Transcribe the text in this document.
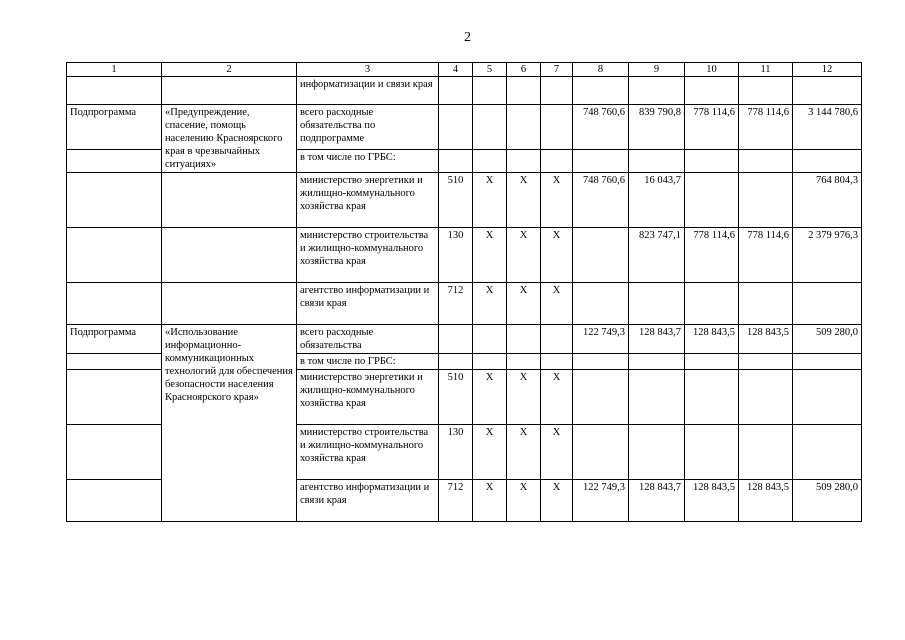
2
1	2	3	4	5	6	7	8	9	10	11	12
		информатизации и связи края									
Подпрограмма	«Предупреждение, спасение, помощь населению Красноярского края в чрезвычайных ситуациях»	всего расходные обязательства по подпрограмме					748 760,6	839 790,8	778 114,6	778 114,6	3 144 780,6
		в том числе по ГРБС:									
		министерство энергетики и жилищно-коммунального хозяйства края	510	Х	Х	Х	748 760,6	16 043,7			764 804,3
		министерство строительства и жилищно-коммунального хозяйства края	130	Х	Х	Х		823 747,1	778 114,6	778 114,6	2 379 976,3
		агентство информатизации и связи края	712	Х	Х	Х					
Подпрограмма	«Использование информационно-коммуникационных технологий для обеспечения безопасности населения Красноярского края»	всего расходные обязательства					122 749,3	128 843,7	128 843,5	128 843,5	509 280,0
		в том числе по ГРБС:									
		министерство энергетики и жилищно-коммунального хозяйства края	510	Х	Х	Х					
		министерство строительства и жилищно-коммунального хозяйства края	130	Х	Х	Х					
		агентство информатизации и связи края	712	Х	Х	Х	122 749,3	128 843,7	128 843,5	128 843,5	509 280,0
